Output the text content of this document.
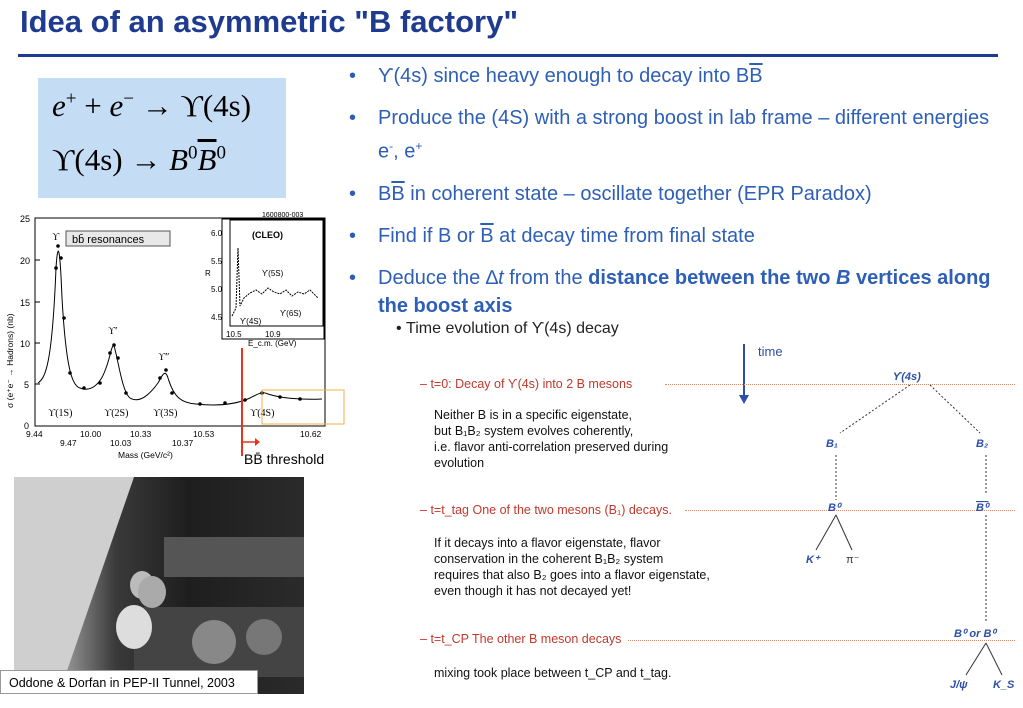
Idea of an asymmetric "B factory"
e+ + e− → ϒ(4s)
$ϒ(4s) \to B^0\overline{B}^0$
• ϒ(4s) since heavy enough to decay into $B\overline{B}$
• Produce the (4S) with a strong boost in lab frame – different energies e-, e+
• $B\overline{B}$ in coherent state – oscillate together (EPR Paradox)
• Find if B or $\overline{B}$ at decay time from final state
• Deduce the ∆t from the distance between the two B vertices along the boost axis
25
20
15
10
5
0
σ (e⁺e⁻ → Hadrons) (nb)
ϒ
ϒ′
ϒ″
ϒ(1S)	ϒ(2S) ϒ(3S)	ϒ(4S)
bb̄ resonances
9.44	10.00	10.33	10.53	10.62
9.47	10.03	10.37
Mass (GeV/c²)
1600800-003
(CLEO)
6.0
5.5
5.0
4.5
R
10.5	10.9
E_c.m. (GeV)
ϒ(5S)
ϒ(6S)
ϒ(4S)
BB̄ threshold
Oddone & Dorfan in PEP-II Tunnel, 2003
• Time evolution of ϒ(4s) decay
time
– t=0: Decay of ϒ(4s) into 2 B mesons
Neither B is in a specific eigenstate,
but B₁B₂ system evolves coherently,
i.e. flavor anti-correlation preserved during
evolution
– t=t_tag One of the two mesons (B₁) decays.
If it decays into a flavor eigenstate, flavor
conservation in the coherent B₁B₂ system
requires that also B₂ goes into a flavor eigenstate,
even though it has not decayed yet!
– t=t_CP The other B meson decays
mixing took place between t_CP and t_tag.
ϒ(4s)
B₁	B₂
B⁰	B⁰
K⁺ π⁻
B⁰ or B⁰
J/ψ K_S
